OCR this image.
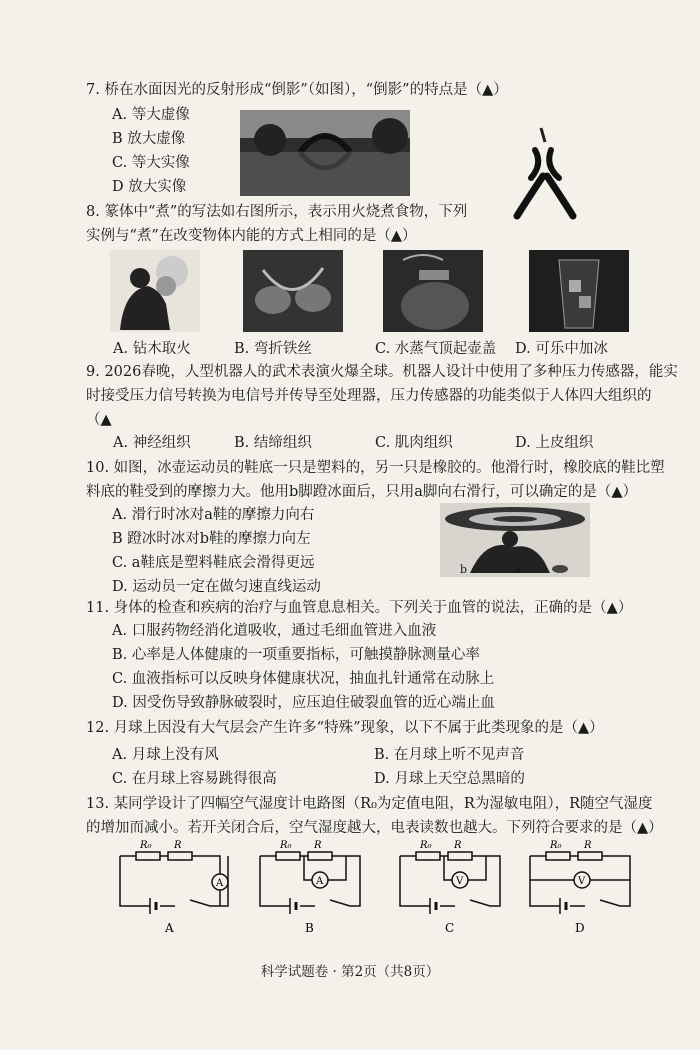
7. 桥在水面因光的反射形成“倒影”（如图），“倒影”的特点是（▲）
A. 等大虚像
B 放大虚像
C. 等大实像
D 放大实像
8. 篆体中“煮”的写法如右图所示，表示用火烧煮食物，下列
实例与“煮”在改变物体内能的方式上相同的是（▲）
A. 钻木取火	B. 弯折铁丝	C. 水蒸气顶起壶盖 D. 可乐中加冰
9. 2026春晚，人型机器人的武术表演火爆全球。机器人设计中使用了多种压力传感器，能实
时接受压力信号转换为电信号并传导至处理器，压力传感器的功能类似于人体四大组织的
（▲
A. 神经组织	B. 结缔组织	C. 肌肉组织	D. 上皮组织
10. 如图，冰壶运动员的鞋底一只是塑料的，另一只是橡胶的。他滑行时，橡胶底的鞋比塑
料底的鞋受到的摩擦力大。他用b脚蹬冰面后，只用a脚向右滑行，可以确定的是（▲）
A. 滑行时冰对a鞋的摩擦力向右
B 蹬冰时冰对b鞋的摩擦力向左
C. a鞋底是塑料鞋底会滑得更远
D. 运动员一定在做匀速直线运动
b	a
11. 身体的检查和疾病的治疗与血管息息相关。下列关于血管的说法，正确的是（▲）
A. 口服药物经消化道吸收，通过毛细血管进入血液
B. 心率是人体健康的一项重要指标，可触摸静脉测量心率
C. 血液指标可以反映身体健康状况，抽血扎针通常在动脉上
D. 因受伤导致静脉破裂时，应压迫住破裂血管的近心端止血
12. 月球上因没有大气层会产生许多“特殊”现象，以下不属于此类现象的是（▲）
A. 月球上没有风	B. 在月球上听不见声音
C. 在月球上容易跳得很高	D. 月球上天空总黑暗的
13. 某同学设计了四幅空气湿度计电路图（R₀为定值电阻，R为湿敏电阻），R随空气湿度
的增加而减小。若开关闭合后，空气湿度越大，电表读数也越大。下列符合要求的是（▲）
A
R₀ R
A
A
R₀ R
B
V
R₀ R
C
V
R₀ R
D
科学试题卷 · 第2页（共8页）
